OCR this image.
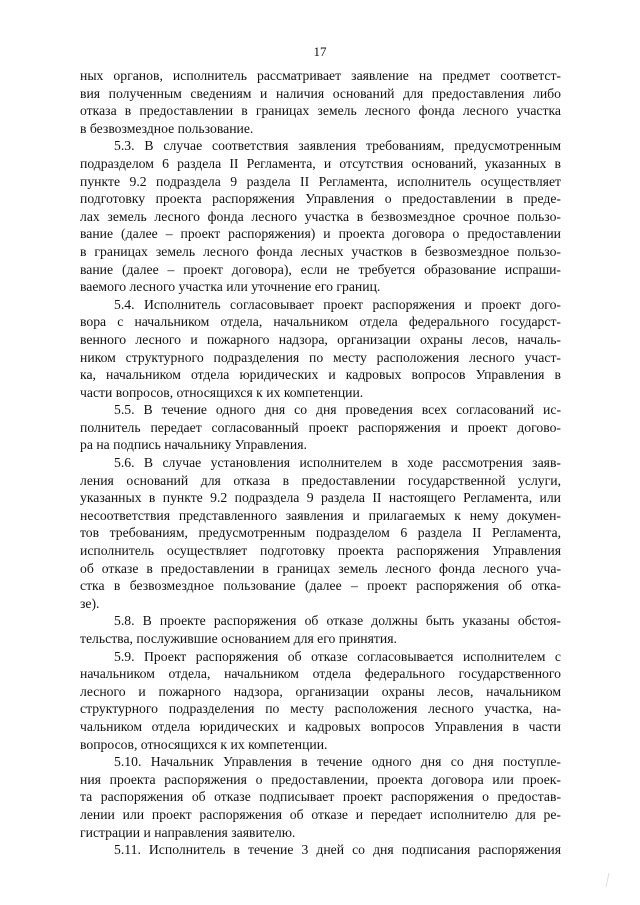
17
ных органов, исполнитель рассматривает заявление на предмет соответст-
вия полученным сведениям и наличия оснований для предоставления либо
отказа в предоставлении в границах земель лесного фонда лесного участка
в безвозмездное пользование.
5.3. В случае соответствия заявления требованиям, предусмотренным
подразделом 6 раздела II Регламента, и отсутствия оснований, указанных в
пункте 9.2 подраздела 9 раздела II Регламента, исполнитель осуществляет
подготовку проекта распоряжения Управления о предоставлении в преде-
лах земель лесного фонда лесного участка в безвозмездное срочное пользо-
вание (далее – проект распоряжения) и проекта договора о предоставлении
в границах земель лесного фонда лесных участков в безвозмездное пользо-
вание (далее – проект договора), если не требуется образование испраши-
ваемого лесного участка или уточнение его границ.
5.4. Исполнитель согласовывает проект распоряжения и проект дого-
вора с начальником отдела, начальником отдела федерального государст-
венного лесного и пожарного надзора, организации охраны лесов, началь-
ником структурного подразделения по месту расположения лесного участ-
ка, начальником отдела юридических и кадровых вопросов Управления в
части вопросов, относящихся к их компетенции.
5.5. В течение одного дня со дня проведения всех согласований ис-
полнитель передает согласованный проект распоряжения и проект догово-
ра на подпись начальнику Управления.
5.6. В случае установления исполнителем в ходе рассмотрения заяв-
ления оснований для отказа в предоставлении государственной услуги,
указанных в пункте 9.2 подраздела 9 раздела II настоящего Регламента, или
несоответствия представленного заявления и прилагаемых к нему докумен-
тов требованиям, предусмотренным подразделом 6 раздела II Регламента,
исполнитель осуществляет подготовку проекта распоряжения Управления
об отказе в предоставлении в границах земель лесного фонда лесного уча-
стка в безвозмездное пользование (далее – проект распоряжения об отка-
зе).
5.8. В проекте распоряжения об отказе должны быть указаны обстоя-
тельства, послужившие основанием для его принятия.
5.9. Проект распоряжения об отказе согласовывается исполнителем с
начальником отдела, начальником отдела федерального государственного
лесного и пожарного надзора, организации охраны лесов, начальником
структурного подразделения по месту расположения лесного участка, на-
чальником отдела юридических и кадровых вопросов Управления в части
вопросов, относящихся к их компетенции.
5.10. Начальник Управления в течение одного дня со дня поступле-
ния проекта распоряжения о предоставлении, проекта договора или проек-
та распоряжения об отказе подписывает проект распоряжения о предостав-
лении или проект распоряжения об отказе и передает исполнителю для ре-
гистрации и направления заявителю.
5.11. Исполнитель в течение 3 дней со дня подписания распоряжения
